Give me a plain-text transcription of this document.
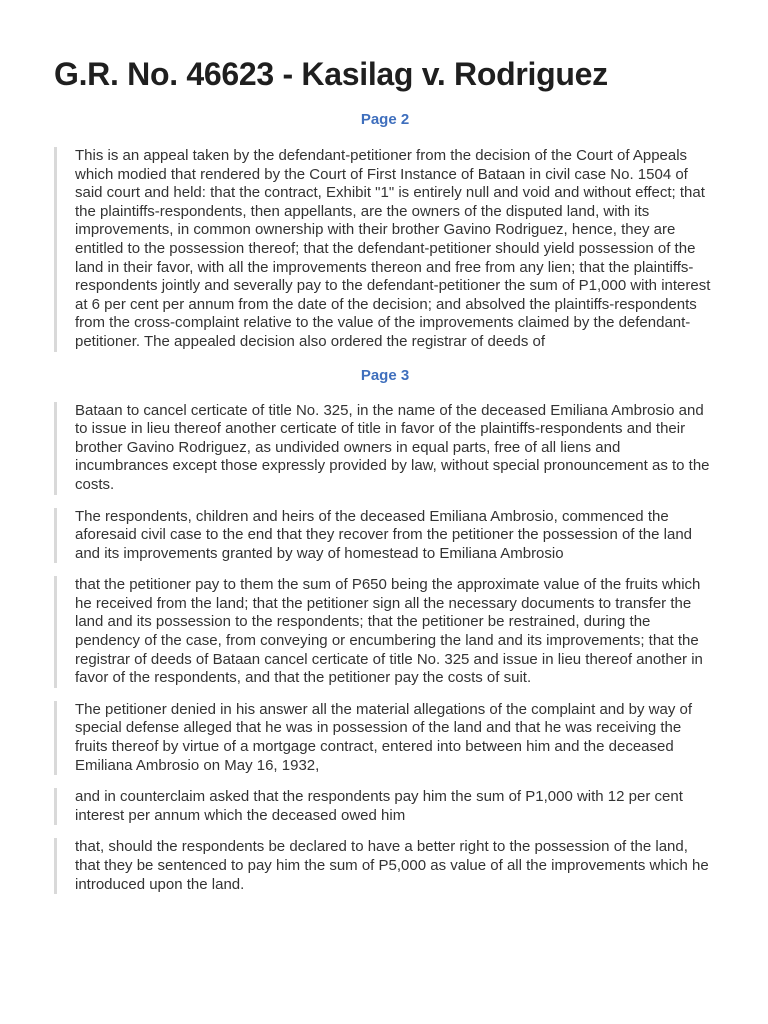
G.R. No. 46623 - Kasilag v. Rodriguez
Page 2

This is an appeal taken by the defendant-petitioner from the decision of the Court of Appeals which modied that rendered by the Court of First Instance of Bataan in civil case No. 1504 of said court and held: that the contract, Exhibit "1" is entirely null and void and without effect; that the plaintiffs-respondents, then appellants, are the owners of the disputed land, with its improvements, in common ownership with their brother Gavino Rodriguez, hence, they are entitled to the possession thereof; that the defendant-petitioner should yield possession of the land in their favor, with all the improvements thereon and free from any lien; that the plaintiffs-respondents jointly and severally pay to the defendant-petitioner the sum of P1,000 with interest at 6 per cent per annum from the date of the decision; and absolved the plaintiffs-respondents from the cross-complaint relative to the value of the improvements claimed by the defendant-petitioner. The appealed decision also ordered the registrar of deeds of

Page 3

Bataan to cancel certicate of title No. 325, in the name of the deceased Emiliana Ambrosio and to issue in lieu thereof another certicate of title in favor of the plaintiffs-respondents and their brother Gavino Rodriguez, as undivided owners in equal parts, free of all liens and incumbrances except those expressly provided by law, without special pronouncement as to the costs.

The respondents, children and heirs of the deceased Emiliana Ambrosio, commenced the aforesaid civil case to the end that they recover from the petitioner the possession of the land and its improvements granted by way of homestead to Emiliana Ambrosio

that the petitioner pay to them the sum of P650 being the approximate value of the fruits which he received from the land; that the petitioner sign all the necessary documents to transfer the land and its possession to the respondents; that the petitioner be restrained, during the pendency of the case, from conveying or encumbering the land and its improvements; that the registrar of deeds of Bataan cancel certicate of title No. 325 and issue in lieu thereof another in favor of the respondents, and that the petitioner pay the costs of suit.

The petitioner denied in his answer all the material allegations of the complaint and by way of special defense alleged that he was in possession of the land and that he was receiving the fruits thereof by virtue of a mortgage contract, entered into between him and the deceased Emiliana Ambrosio on May 16, 1932,

and in counterclaim asked that the respondents pay him the sum of P1,000 with 12 per cent interest per annum which the deceased owed him

that, should the respondents be declared to have a better right to the possession of the land, that they be sentenced to pay him the sum of P5,000 as value of all the improvements which he introduced upon the land.
